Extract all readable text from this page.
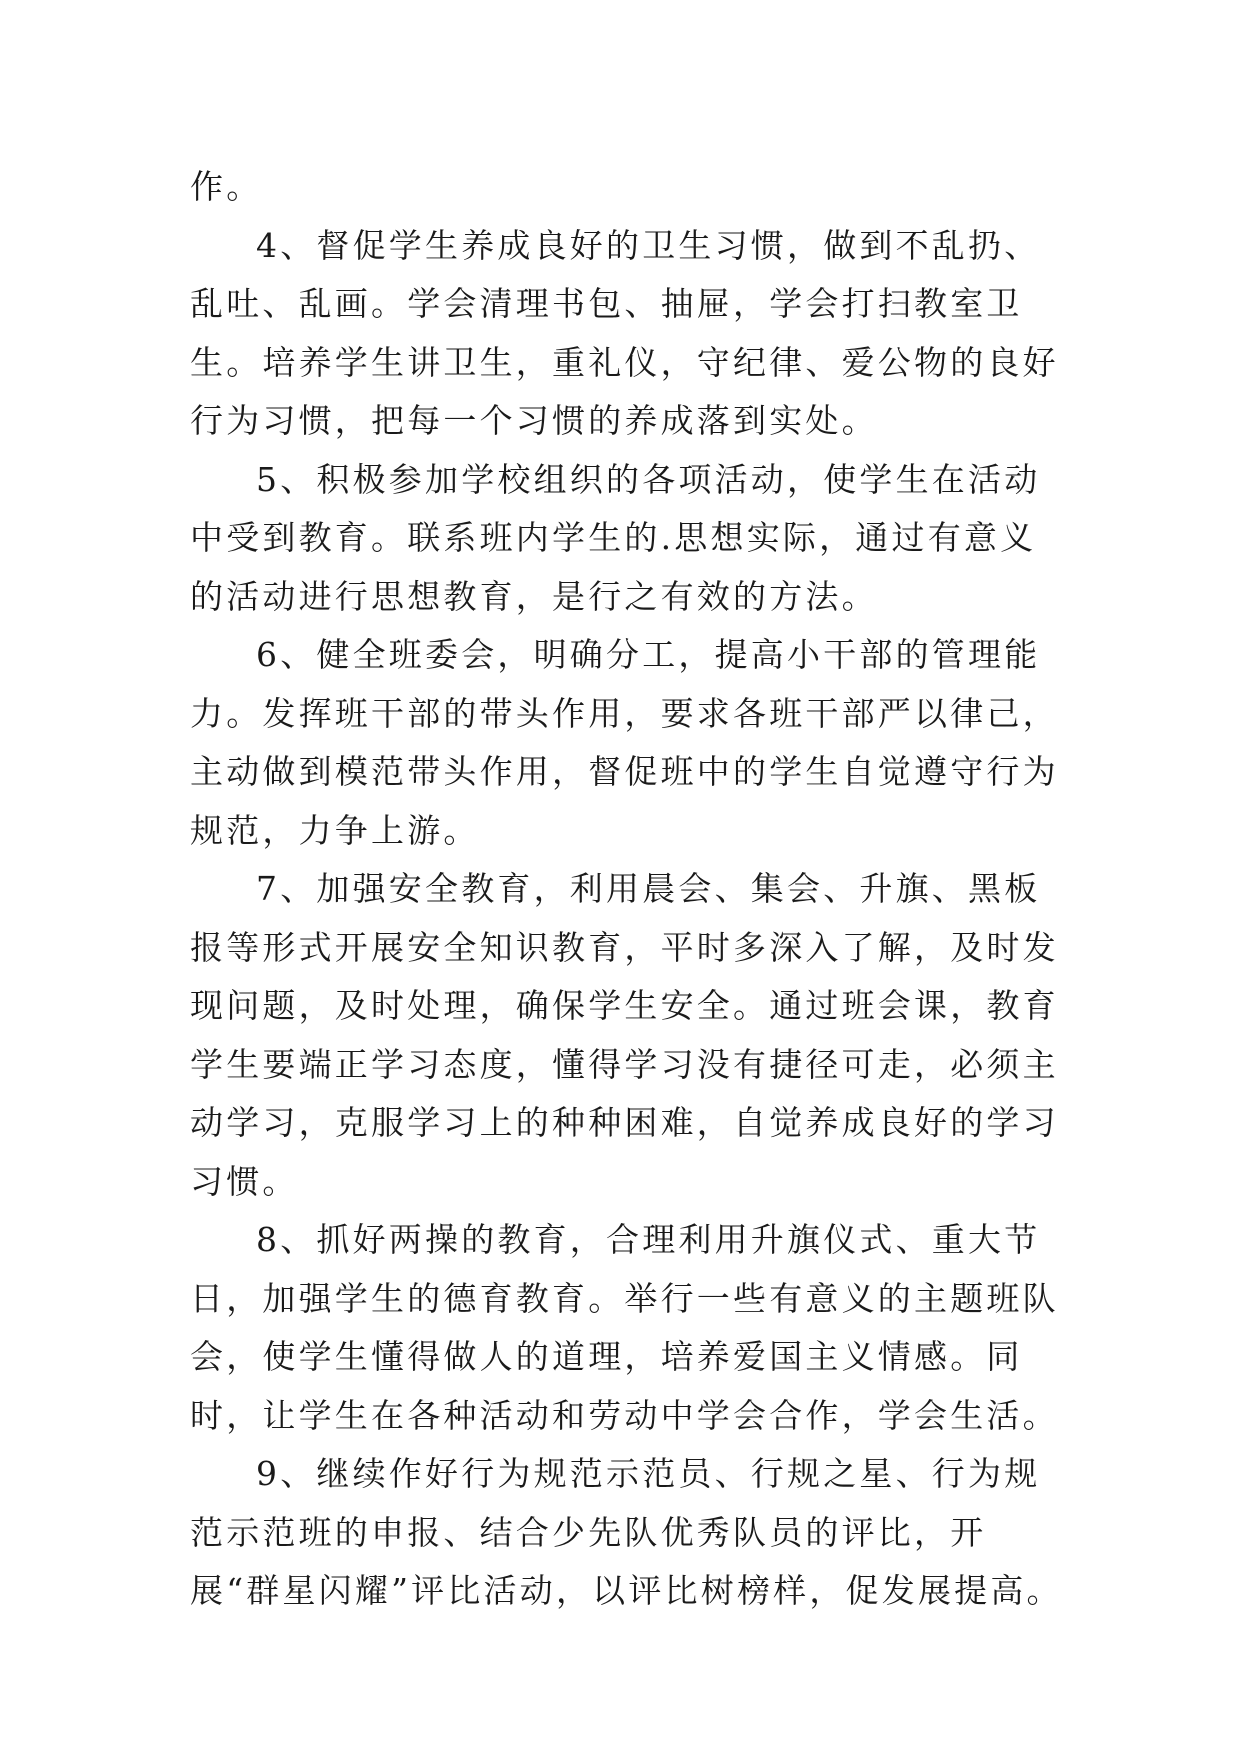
作。

4、督促学生养成良好的卫生习惯，做到不乱扔、乱吐、乱画。学会清理书包、抽屉，学会打扫教室卫生。培养学生讲卫生，重礼仪，守纪律、爱公物的良好行为习惯，把每一个习惯的养成落到实处。

5、积极参加学校组织的各项活动，使学生在活动中受到教育。联系班内学生的.思想实际，通过有意义的活动进行思想教育，是行之有效的方法。

6、健全班委会，明确分工，提高小干部的管理能力。发挥班干部的带头作用，要求各班干部严以律己，主动做到模范带头作用，督促班中的学生自觉遵守行为规范，力争上游。

7、加强安全教育，利用晨会、集会、升旗、黑板报等形式开展安全知识教育，平时多深入了解，及时发现问题，及时处理，确保学生安全。通过班会课，教育学生要端正学习态度，懂得学习没有捷径可走，必须主动学习，克服学习上的种种困难，自觉养成良好的学习习惯。

8、抓好两操的教育，合理利用升旗仪式、重大节日，加强学生的德育教育。举行一些有意义的主题班队会，使学生懂得做人的道理，培养爱国主义情感。同时，让学生在各种活动和劳动中学会合作，学会生活。

9、继续作好行为规范示范员、行规之星、行为规范示范班的申报、结合少先队优秀队员的评比，开展“群星闪耀”评比活动，以评比树榜样，促发展提高。
